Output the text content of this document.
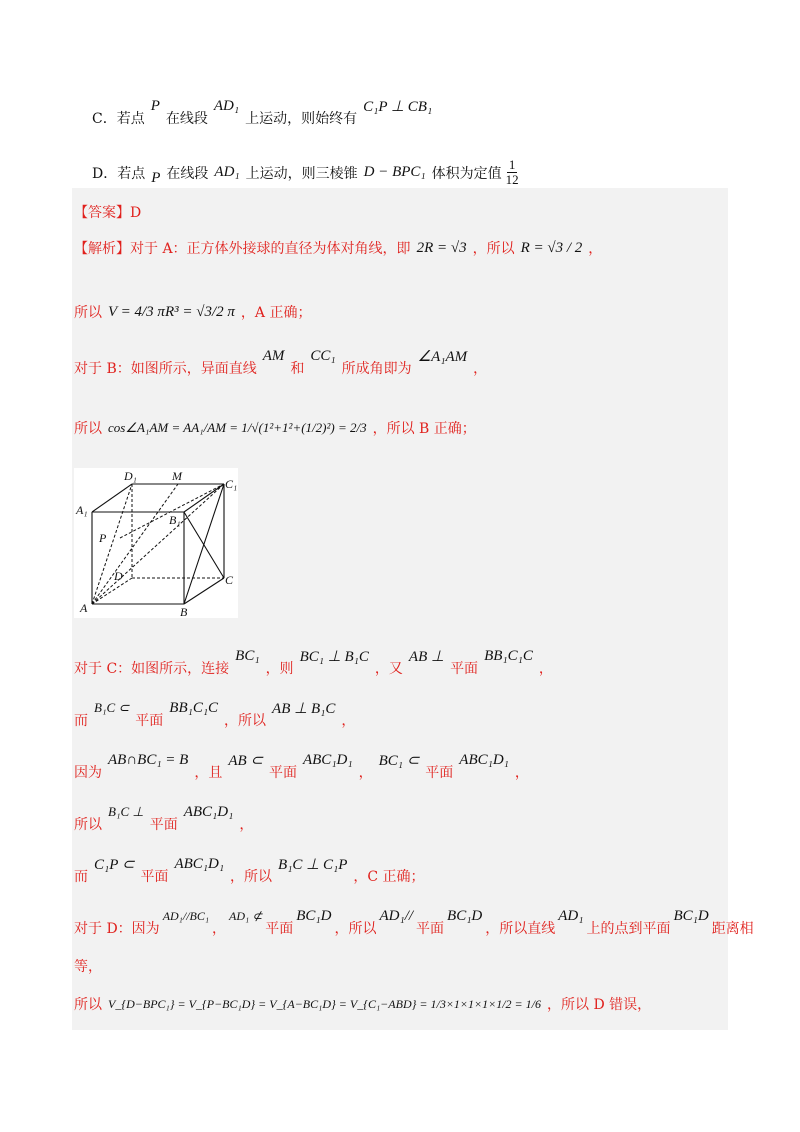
C．若点
P
在线段
AD₁
上运动，则始终有
C₁P ⊥ CB₁
D．若点 P 在线段 AD₁ 上运动，则三棱锥 D − BPC₁ 体积为定值 $\frac{1}{12}$
【答案】D
【解析】 对于 A：正方体外接球的直径为体对角线，即 2R = √3 ，所以 R = √3 / 2 ，
所以 V = 4/3 πR³ = √3/2 π ，A 正确；
对于 B：如图所示，异面直线
AM
和
CC₁
所成角即为
∠A₁AM
，
所以 cos∠A₁AM = AA₁/AM = 1/√(1²+1²+(1/2)²) = 2/3 ，所以 B 正确；
D₁	M
C₁
A₁
B₁
P
D	C
A	B
对于 C：如图所示，连接
BC₁
，则
BC₁ ⊥ B₁C
，又
AB ⊥
平面
BB₁C₁C
，
而
B₁C ⊂
平面
BB₁C₁C
，所以
AB ⊥ B₁C
，
因为
AB∩BC₁ = B
，且
AB ⊂
平面
ABC₁D₁
，
BC₁ ⊂
平面
ABC₁D₁
，
所以
B₁C ⊥
平面
ABC₁D₁
，
而
C₁P ⊂
平面
ABC₁D₁
，所以
B₁C ⊥ C₁P
，C 正确；
对于 D：因为
AD₁//BC₁
，
AD₁ ⊄
平面
BC₁D
，所以
AD₁//
平面
BC₁D
，所以直线
AD₁
上的点到平面
BC₁D
距离相
等，
所以 V_{D−BPC₁} = V_{P−BC₁D} = V_{A−BC₁D} = V_{C₁−ABD} = 1/3×1×1×1×1/2 = 1/6 ，所以 D 错误，
